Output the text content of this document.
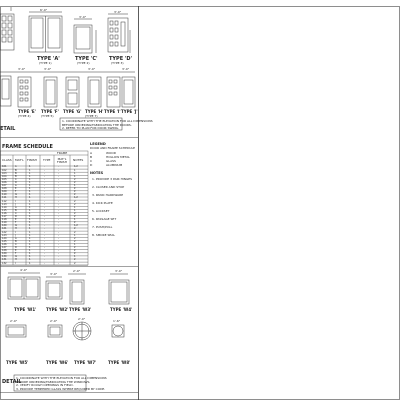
TYPE 'A'
(TYPE 1)
6'-0"
TYPE 'C'
(TYPE 2)
3'-0"
TYPE 'D'
(TYPE 3)
3'-0"
TYPE 'E' TYPE 'F' TYPE 'G' TYPE 'H' TYPE 'I' TYPE 'J'
(TYPE 4)	(TYPE 5)	(TYPE 7)
3'-0"	3'-0"	3'-0"	3'-0"
1. COORDINATE WITH THE ELEVATION FOR ALL DIMENSIONS
BEFORE ORDERING/FABRICATING THE DOORS.
2. REFER TO PLAN FOR DOOR SWING.
ETAIL
FRAME SCHEDULE
FRAME
CLASS MAT'L FINISH TYPE	MAT'L FINISH	NOTES
101	A	1	-	-	1,2
102	B	1	-	-	1
103	B	1	-	-	1
104	B	1	-	-	1
105	C	1	-	-	2
106	D	1	-	-	2
107	A	1	-	-	1
108	E	1	-	-	2
109	F	1	-	-	2
110	G	1	-	-	2
111	H	1	-	-	1,2
112	I	1	-	-	2
113	J	1	-	-	2
114	A	1	-	-	1
115	B	1	-	-	1
116	C	1	-	-	2
117	D	1	-	-	2
118	E	1	-	-	1
119	F	1	-	-	2
120	G	1	-	-	1,2
121	H	1	-	-	2
122	I	1	-	-	2
123	J	1	-	-	1
124	A	1	-	-	2
125	B	1	-	-	2
126	C	1	-	-	1
127	D	1	-	-	2
128	E	1	-	-	2
129	F	1	-	-	2
130	G	1	-	-	1
131	H	1	-	-	2
132	I	1	-	-	2
LEGEND
DOOR AND FRAME SCHEDULE
A	WOOD
B	HOLLOW METAL
C	GLASS
D	ALUMINUM
NOTES
1. PROVIDE 3 PAIR HINGES
2. CLOSER AND STOP
3. PANIC HARDWARE
4. KICK PLATE
5. LOCKSET
6. PASSAGE SET
7. PUSH/PULL
8. SMOKE SEAL
TYPE 'W1' TYPE 'W2' TYPE 'W3'	TYPE 'W4'
4'-0"
3'-0"
2'-0"	3'-0"
TYPE 'W5'	TYPE 'W6' TYPE 'W7'	TYPE 'W8'
2'-0"	2'-0"	2'-0"	1'-6"
1. COORDINATE WITH THE ELEVATION FOR ALL DIMENSIONS
BEFORE ORDERING/FABRICATING THE WINDOWS.
2. VERIFY ROUGH OPENINGS IN FIELD.
3. PROVIDE TEMPERED GLASS WHERE REQUIRED BY CODE.
DETAIL
